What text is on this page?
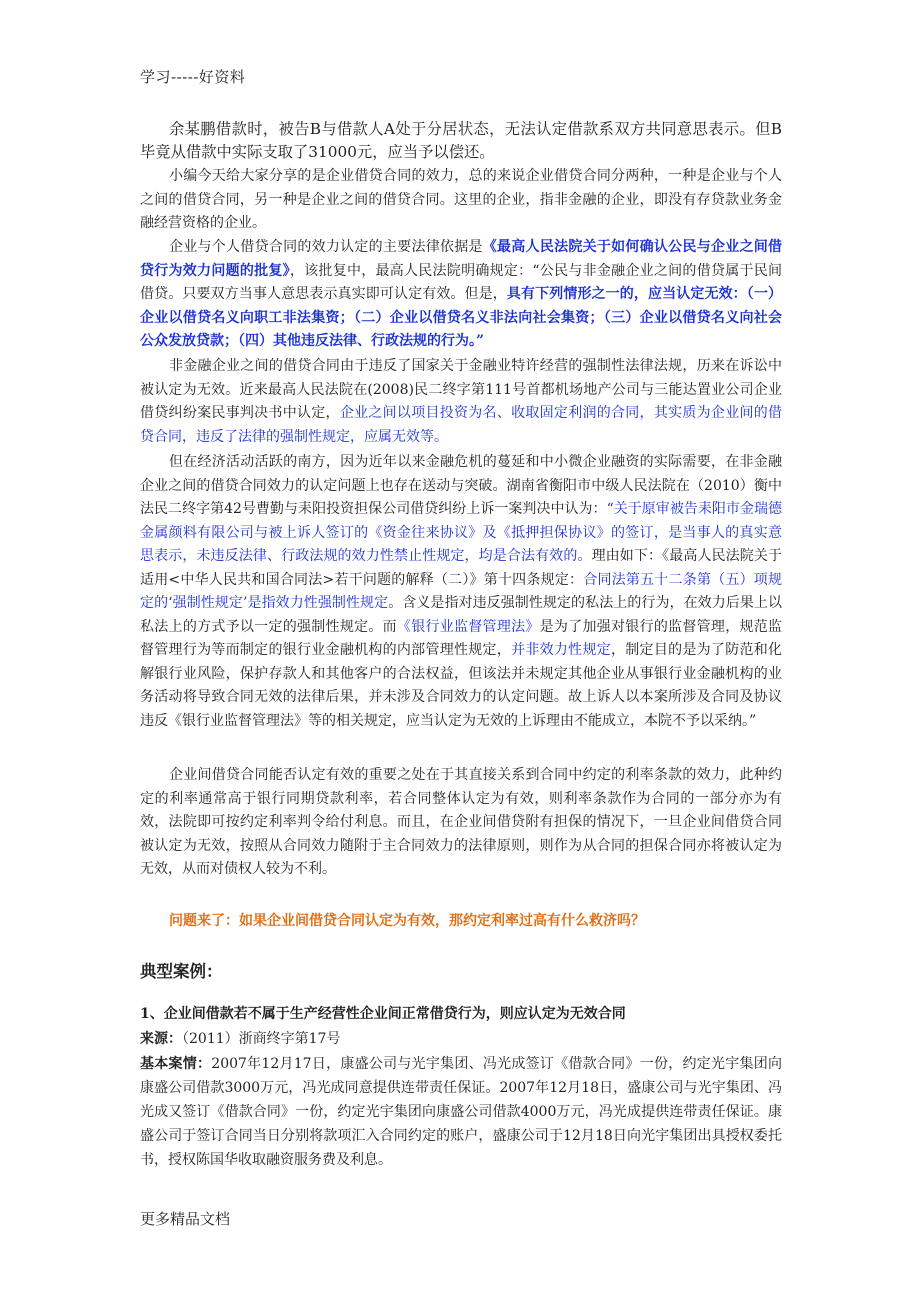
学习-----好资料

余某鹏借款时，被告B与借款人A处于分居状态，无法认定借款系双方共同意思表示。但B毕竟从借款中实际支取了31000元，应当予以偿还。

小编今天给大家分享的是企业借贷合同的效力，总的来说企业借贷合同分两种，一种是企业与个人之间的借贷合同，另一种是企业之间的借贷合同。这里的企业，指非金融的企业，即没有存贷款业务金融经营资格的企业。

企业与个人借贷合同的效力认定的主要法律依据是《最高人民法院关于如何确认公民与企业之间借贷行为效力问题的批复》，该批复中，最高人民法院明确规定：“公民与非金融企业之间的借贷属于民间借贷。只要双方当事人意思表示真实即可认定有效。但是，具有下列情形之一的，应当认定无效：（一）企业以借贷名义向职工非法集资；（二）企业以借贷名义非法向社会集资；（三）企业以借贷名义向社会公众发放贷款；（四）其他违反法律、行政法规的行为。”

非金融企业之间的借贷合同由于违反了国家关于金融业特许经营的强制性法律法规，历来在诉讼中被认定为无效。近来最高人民法院在(2008)民二终字第111号首都机场地产公司与三能达置业公司企业借贷纠纷案民事判决书中认定，企业之间以项目投资为名、收取固定利润的合同，其实质为企业间的借贷合同，违反了法律的强制性规定，应属无效等。

但在经济活动活跃的南方，因为近年以来金融危机的蔓延和中小微企业融资的实际需要，在非金融企业之间的借贷合同效力的认定问题上也存在送动与突破。湖南省衡阳市中级人民法院在（2010）衡中法民二终字第42号曹勤与耒阳投资担保公司借贷纠纷上诉一案判决中认为：“关于原审被告耒阳市金瑞德金属颜料有限公司与被上诉人签订的《资金往来协议》及《抵押担保协议》的签订，是当事人的真实意思表示，未违反法律、行政法规的效力性禁止性规定，均是合法有效的。理由如下：《最高人民法院关于适用<中华人民共和国合同法>若干问题的解释（二）》第十四条规定：合同法第五十二条第（五）项规定的‘强制性规定’是指效力性强制性规定。含义是指对违反强制性规定的私法上的行为，在效力后果上以私法上的方式予以一定的强制性规定。而《银行业监督管理法》是为了加强对银行的监督管理，规范监督管理行为等而制定的银行业金融机构的内部管理性规定，并非效力性规定，制定目的是为了防范和化解银行业风险，保护存款人和其他客户的合法权益，但该法并未规定其他企业从事银行业金融机构的业务活动将导致合同无效的法律后果，并未涉及合同效力的认定问题。故上诉人以本案所涉及合同及协议违反《银行业监督管理法》等的相关规定，应当认定为无效的上诉理由不能成立，本院不予以采纳。”

企业间借贷合同能否认定有效的重要之处在于其直接关系到合同中约定的利率条款的效力，此种约定的利率通常高于银行同期贷款利率，若合同整体认定为有效，则利率条款作为合同的一部分亦为有效，法院即可按约定利率判令给付利息。而且，在企业间借贷附有担保的情况下，一旦企业间借贷合同被认定为无效，按照从合同效力随附于主合同效力的法律原则，则作为从合同的担保合同亦将被认定为无效，从而对债权人较为不利。

问题来了：如果企业间借贷合同认定为有效，那约定利率过高有什么救济吗？

典型案例：

1、企业间借款若不属于生产经营性企业间正常借贷行为，则应认定为无效合同

来源：（2011）浙商终字第17号

基本案情：2007年12月17日，康盛公司与光宇集团、冯光成签订《借款合同》一份，约定光宇集团向康盛公司借款3000万元，冯光成同意提供连带责任保证。2007年12月18日，盛康公司与光宇集团、冯光成又签订《借款合同》一份，约定光宇集团向康盛公司借款4000万元，冯光成提供连带责任保证。康盛公司于签订合同当日分别将款项汇入合同约定的账户，盛康公司于12月18日向光宇集团出具授权委托书，授权陈国华收取融资服务费及利息。

更多精品文档
